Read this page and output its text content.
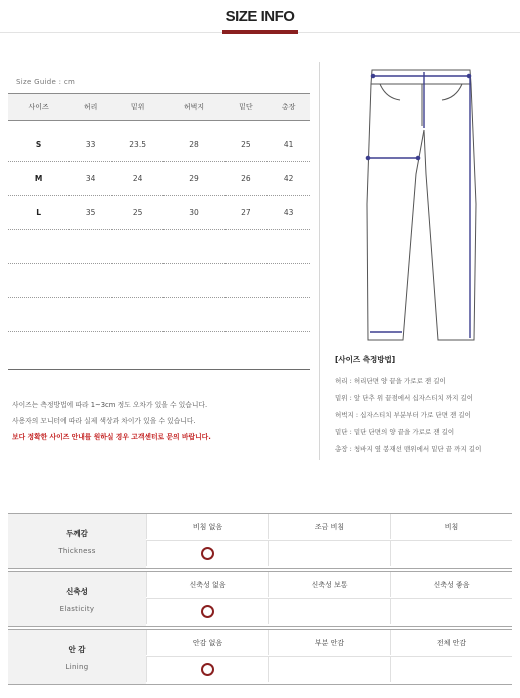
SIZE INFO
Size Guide : cm
사이즈	허리	밑위	허벅지	밑단	총장
S	33	23.5	28	25	41
M	34	24	29	26	42
L	35	25	30	27	43

사이즈는 측정방법에 따라 1~3cm 정도 오차가 있을 수 있습니다.
사용자의 모니터에 따라 실제 색상과 차이가 있을 수 있습니다.
보다 정확한 사이즈 안내를 원하실 경우 고객센터로 문의 바랍니다.
[사이즈 측정방법]
허리 : 허리단면 양 끝을 가로로 잰 길이
밑위 : 앞 단추 위 끝점에서 십자스티치 까지 길이
허벅지 : 십자스티치 부분부터 가로 단면 잰 길이
밑단 : 밑단 단면의 양 끝을 가로로 잰 길이
총장 : 청바지 옆 봉재선 맨위에서 밑단 끝 까지 길이
두께감
Thickness
비침 없음	조금 비침	비침
신축성
Elasticity
신축성 없음	신축성 보통	신축성 좋음
안 감
Lining
안감 없음	부분 안감	전체 안감
